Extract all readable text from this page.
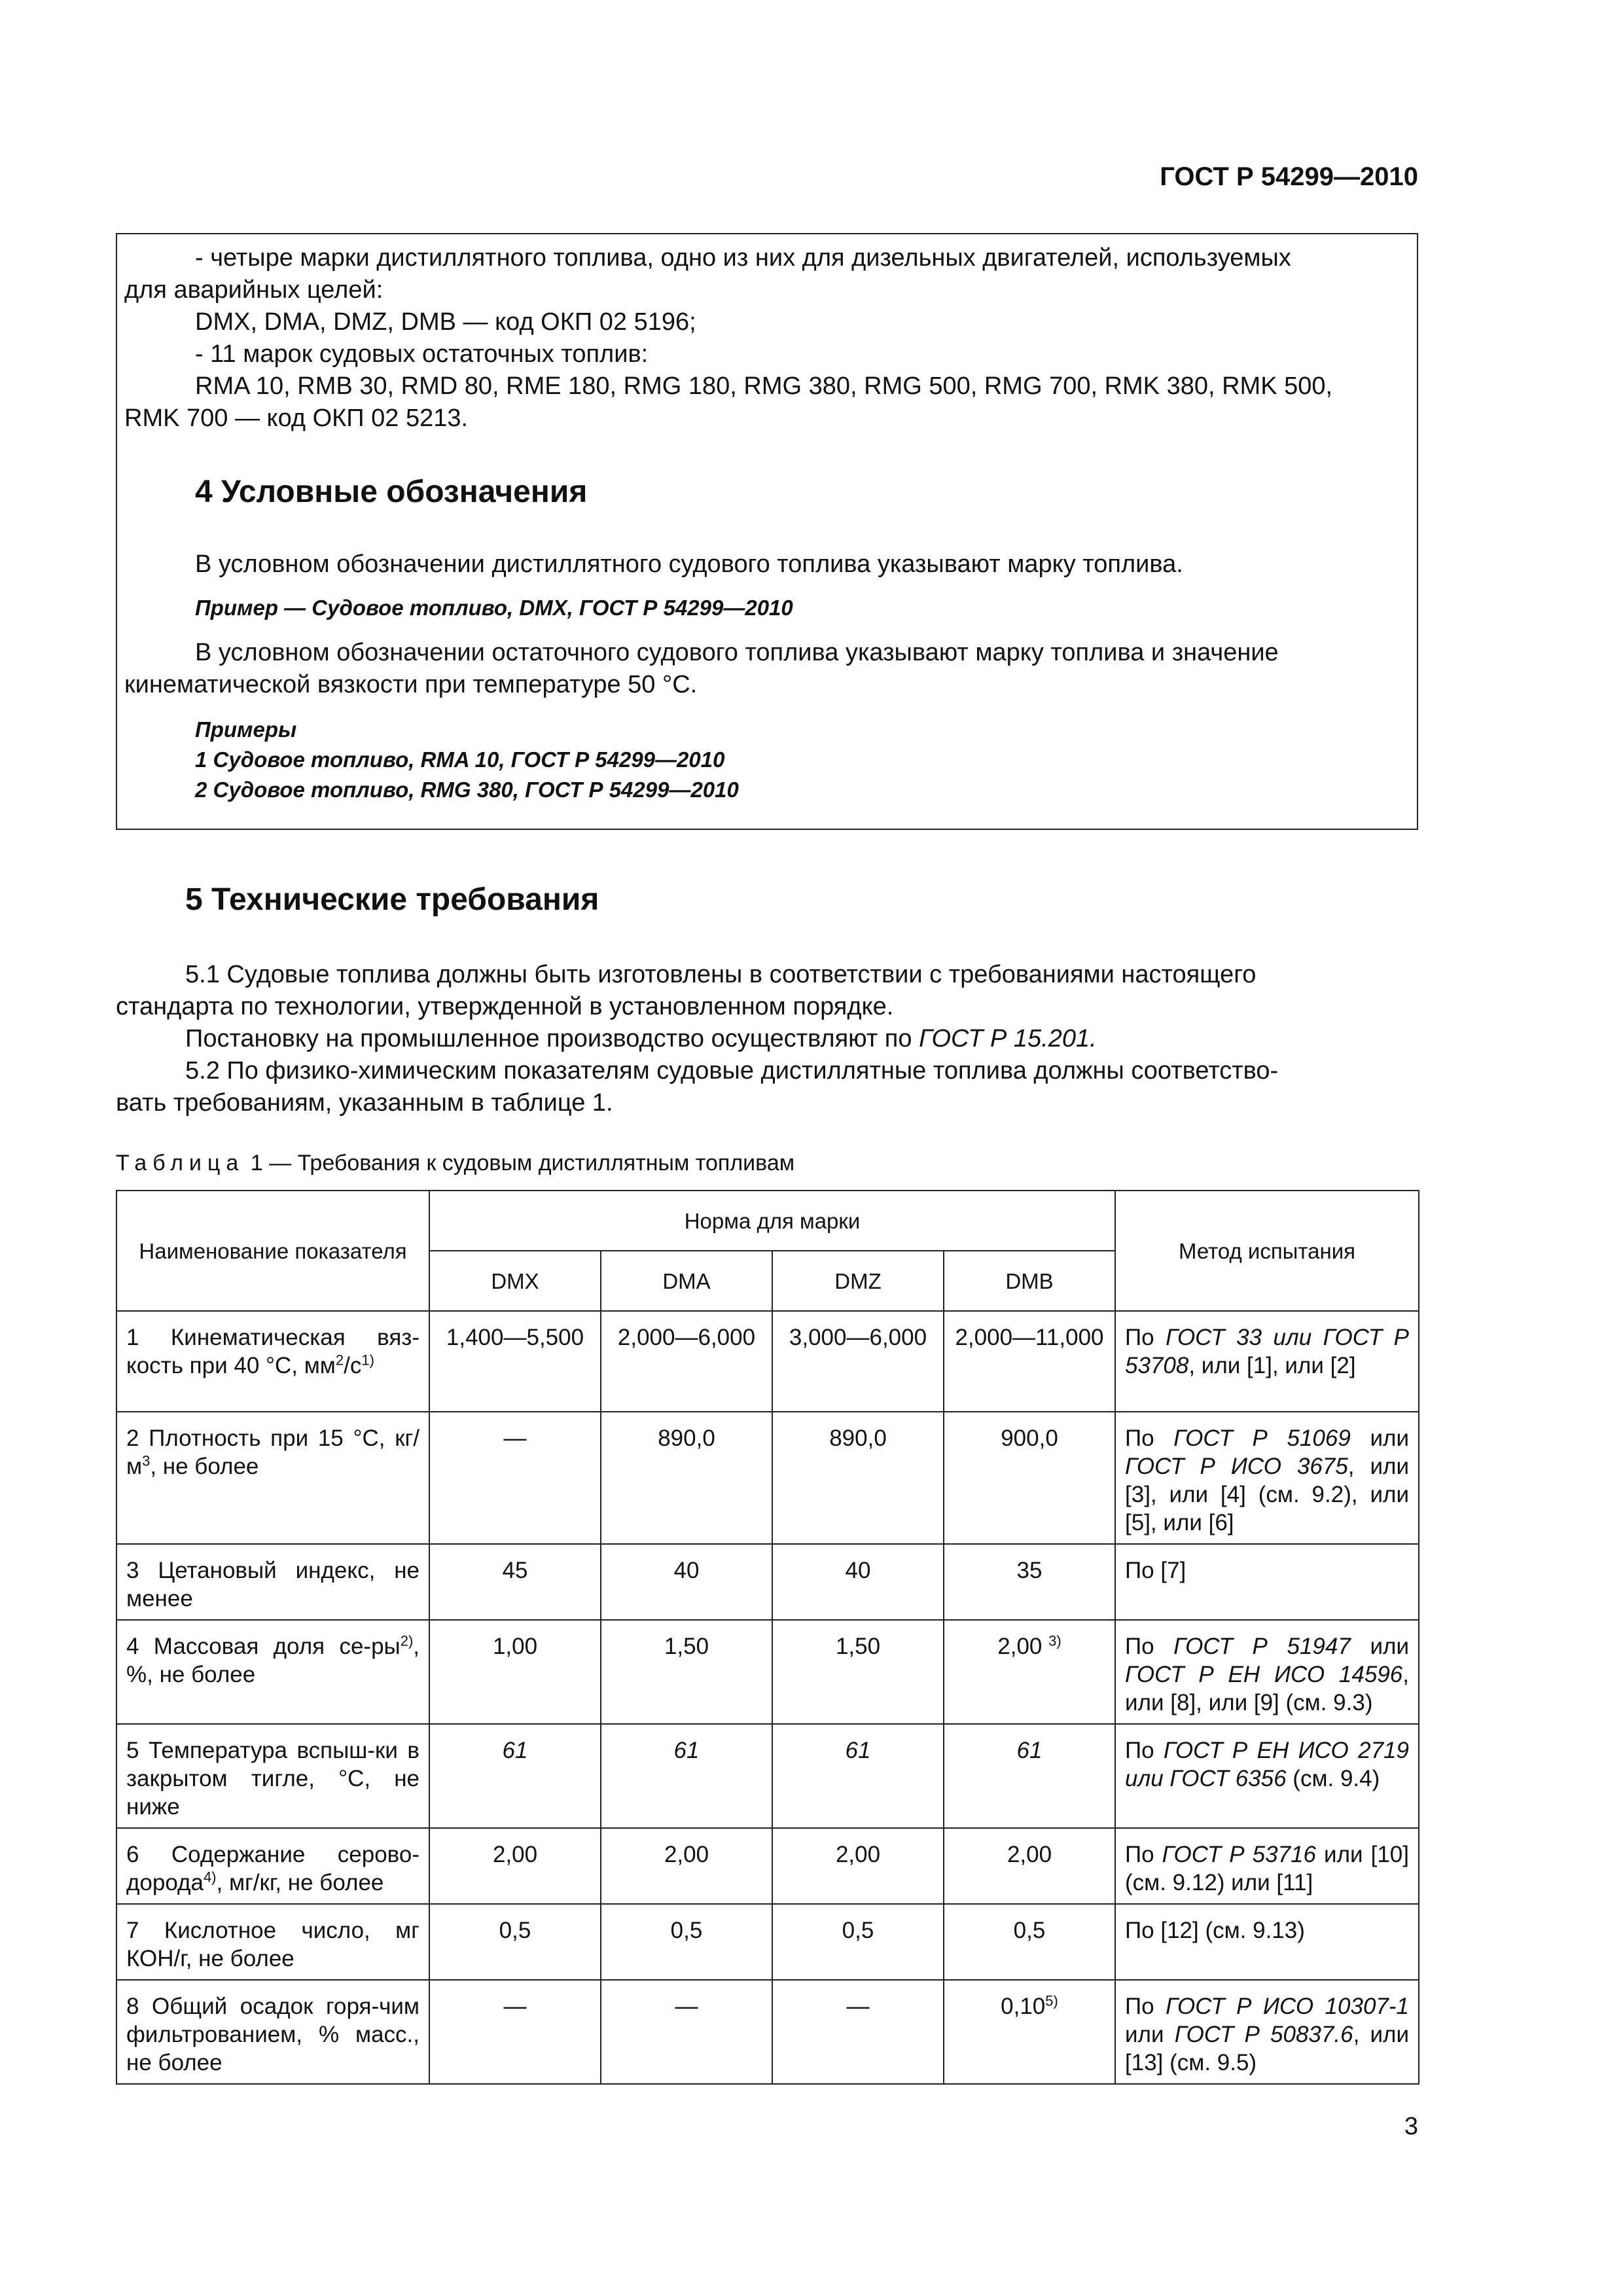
ГОСТ Р 54299—2010
- четыре марки дистиллятного топлива, одно из них для дизельных двигателей, используемых
для аварийных целей:
DMX, DMA, DMZ, DMB — код ОКП 02 5196;
- 11 марок судовых остаточных топлив:
RMA 10, RMB 30, RMD 80, RME 180, RMG 180, RMG 380, RMG 500, RMG 700, RMK 380, RMK 500,
RMK 700 — код ОКП 02 5213.
4 Условные обозначения
В условном обозначении дистиллятного судового топлива указывают марку топлива.
Пример — Судовое топливо, DMX, ГОСТ Р 54299—2010
В условном обозначении остаточного судового топлива указывают марку топлива и значение
кинематической вязкости при температуре 50 °С.
Примеры
1 Судовое топливо, RMA 10, ГОСТ Р 54299—2010
2 Судовое топливо, RMG 380, ГОСТ Р 54299—2010
5 Технические требования
5.1 Судовые топлива должны быть изготовлены в соответствии с требованиями настоящего
стандарта по технологии, утвержденной в установленном порядке.
Постановку на промышленное производство осуществляют по ГОСТ Р 15.201.
5.2 По физико-химическим показателям судовые дистиллятные топлива должны соответство-
вать требованиям, указанным в таблице 1.
Таблица 1 — Требования к судовым дистиллятным топливам
Наименование показателя	Норма для марки				Метод испытания
	DMX	DMA	DMZ	DMB	
1 Кинематическая вяз-кость при 40 °С, $мм^2/с^{1)}$	1,400—5,500	2,000—6,000	3,000—6,000	2,000—11,000	По ГОСТ 33 или ГОСТ Р 53708, или [1], или [2]
2 Плотность при 15 °С, $кг/м^3$, не более	—	890,0	890,0	900,0	По ГОСТ Р 51069 или ГОСТ Р ИСО 3675, или [3], или [4] (см. 9.2), или [5], или [6]
3 Цетановый индекс, не менее	45	40	40	35	По [7]
4 Массовая доля $се-ры^{2)}$, %, не более	1,00	1,50	1,50	2,00 $^{3)}$	По ГОСТ Р 51947 или ГОСТ Р ЕН ИСО 14596, или [8], или [9] (см. 9.3)
5 Температура вспыш-ки в закрытом тигле, °С, не ниже	61	61	61	61	По ГОСТ Р ЕН ИСО 2719 или ГОСТ 6356 (см. 9.4)
6 Содержание серово-дорода$^{4)}$, мг/кг, не более	2,00	2,00	2,00	2,00	По ГОСТ Р 53716 или [10] (см. 9.12) или [11]
7 Кислотное число, мг КОН/г, не более	0,5	0,5	0,5	0,5	По [12] (см. 9.13)
8 Общий осадок горя-чим фильтрованием, % масс., не более	—	—	—	0,10$^{5)}$	По ГОСТ Р ИСО 10307-1 или ГОСТ Р 50837.6, или [13] (см. 9.5)
3
